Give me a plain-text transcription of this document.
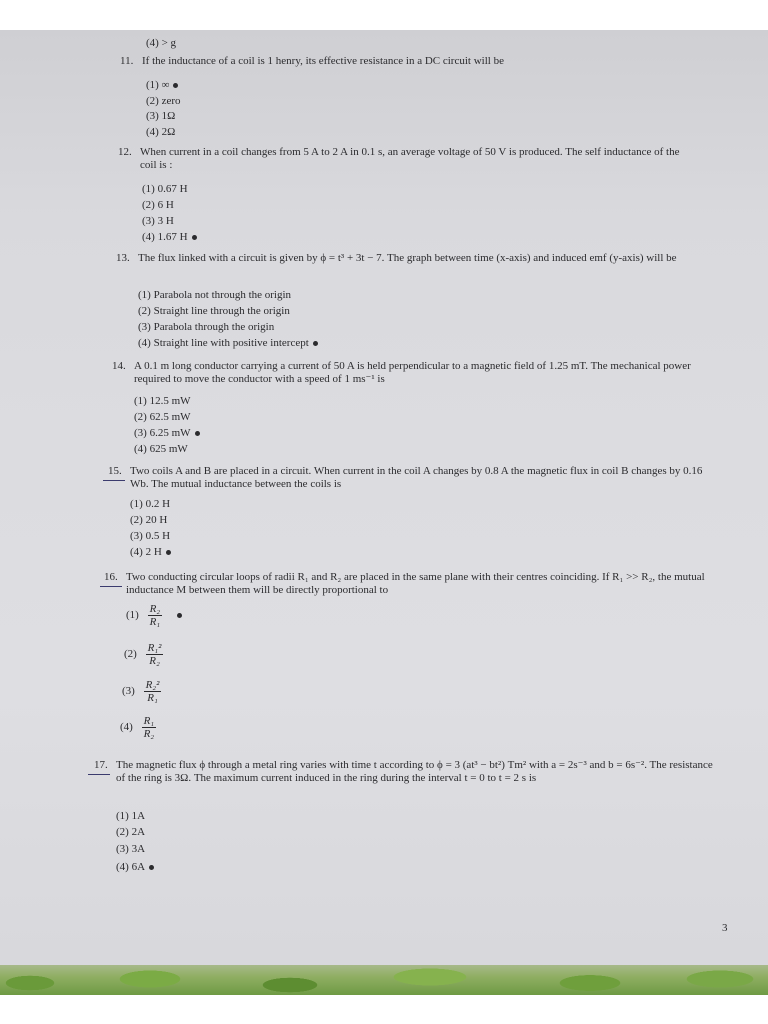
(4) > g
11. If the inductance of a coil is 1 henry, its effective resistance in a DC circuit will be
(1) ∞
(2) zero
(3) 1Ω
(4) 2Ω
12. When current in a coil changes from 5 A to 2 A in 0.1 s, an average voltage of 50 V is produced. The self inductance of the coil is :
(1) 0.67 H
(2) 6 H
(3) 3 H
(4) 1.67 H
13. The flux linked with a circuit is given by ϕ = t³ + 3t − 7. The graph between time (x-axis) and induced emf (y-axis) will be
(1) Parabola not through the origin
(2) Straight line through the origin
(3) Parabola through the origin
(4) Straight line with positive intercept
14. A 0.1 m long conductor carrying a current of 50 A is held perpendicular to a magnetic field of 1.25 mT. The mechanical power required to move the conductor with a speed of 1 ms⁻¹ is
(1) 12.5 mW
(2) 62.5 mW
(3) 6.25 mW
(4) 625 mW
15. Two coils A and B are placed in a circuit. When current in the coil A changes by 0.8 A the magnetic flux in coil B changes by 0.16 Wb. The mutual inductance between the coils is
(1) 0.2 H
(2) 20 H
(3) 0.5 H
(4) 2 H
16. Two conducting circular loops of radii R₁ and R₂ are placed in the same plane with their centres coinciding. If R₁ >> R₂, the mutual inductance M between them will be directly proportional to
$(1) \frac{\text{R₂}}{\text{R₁}}$

$(2) \frac{\text{R₁²}}{\text{R₂}}$
$(3) \frac{\text{R₂²}}{\text{R₁}}$
$(4) \frac{\text{R₁}}{\text{R₂}}$
17. The magnetic flux ϕ through a metal ring varies with time t according to ϕ = 3 (at³ − bt²) Tm² with a = 2s⁻³ and b = 6s⁻². The resistance of the ring is 3Ω. The maximum current induced in the ring during the interval t = 0 to t = 2 s is
(1) 1A
(2) 2A
(3) 3A
(4) 6A
3
